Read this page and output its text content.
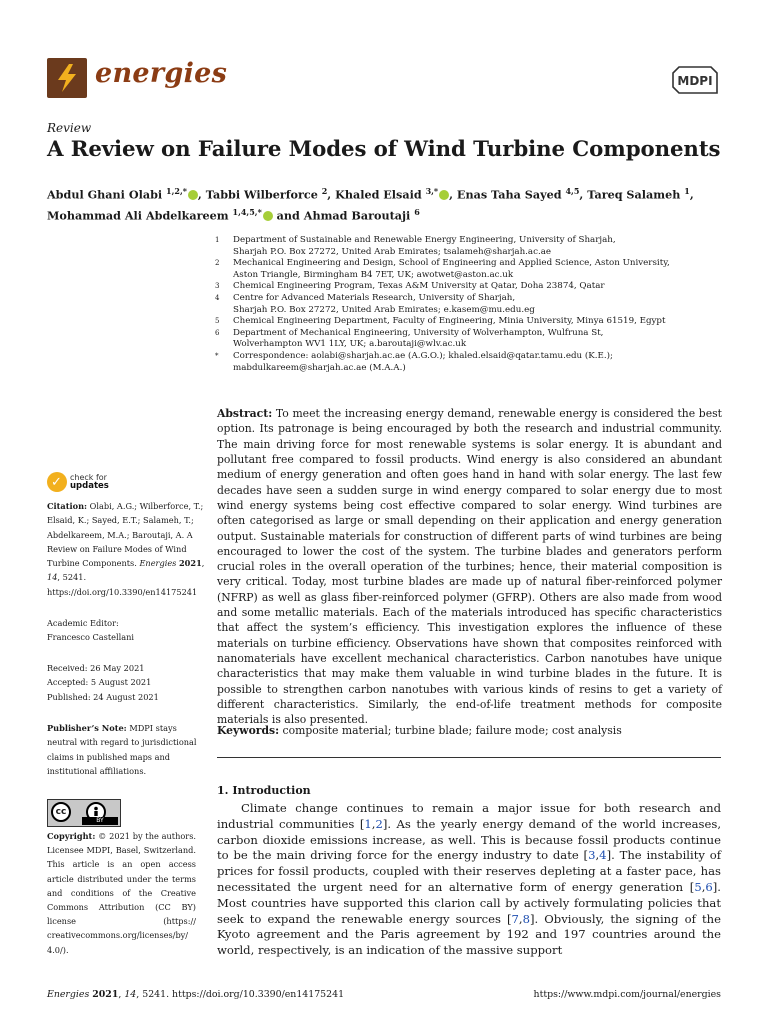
energies	MDPI
Review
A Review on Failure Modes of Wind Turbine Components
Abdul Ghani Olabi $^{1,2,*}$ , Tabbi Wilberforce $^2$, Khaled Elsaid $^{3,*}$ , Enas Taha Sayed $^{4,5}$, Tareq Salameh $^1$,
Mohammad Ali Abdelkareem $^{1,4,5,*}$ and Ahmad Baroutaji $^6$
1	Department of Sustainable and Renewable Energy Engineering, University of Sharjah,
Sharjah P.O. Box 27272, United Arab Emirates; tsalameh@sharjah.ac.ae
2	Mechanical Engineering and Design, School of Engineering and Applied Science, Aston University,
Aston Triangle, Birmingham B4 7ET, UK; awotwet@aston.ac.uk
3	Chemical Engineering Program, Texas A&M University at Qatar, Doha 23874, Qatar
4	Centre for Advanced Materials Research, University of Sharjah,
Sharjah P.O. Box 27272, United Arab Emirates; e.kasem@mu.edu.eg
5	Chemical Engineering Department, Faculty of Engineering, Minia University, Minya 61519, Egypt
6	Department of Mechanical Engineering, University of Wolverhampton, Wulfruna St,
Wolverhampton WV1 1LY, UK; a.baroutaji@wlv.ac.uk
*	Correspondence: aolabi@sharjah.ac.ae (A.G.O.); khaled.elsaid@qatar.tamu.edu (K.E.);
mabdulkareem@sharjah.ac.ae (M.A.A.)
Abstract: To meet the increasing energy demand, renewable energy is considered the best option. Its patronage is being encouraged by both the research and industrial community. The main driving force for most renewable systems is solar energy. It is abundant and pollutant free compared to fossil products. Wind energy is also considered an abundant medium of energy generation and often goes hand in hand with solar energy. The last few decades have seen a sudden surge in wind energy compared to solar energy due to most wind energy systems being cost effective compared to solar energy. Wind turbines are often categorised as large or small depending on their application and energy generation output. Sustainable materials for construction of different parts of wind turbines are being encouraged to lower the cost of the system. The turbine blades and generators perform crucial roles in the overall operation of the turbines; hence, their material composition is very critical. Today, most turbine blades are made up of natural fiber-reinforced polymer (NFRP) as well as glass fiber-reinforced polymer (GFRP). Others are also made from wood and some metallic materials. Each of the materials introduced has specific characteristics that affect the system’s efficiency. This investigation explores the influence of these materials on turbine efficiency. Observations have shown that composites reinforced with nanomaterials have excellent mechanical characteristics. Carbon nanotubes have unique characteristics that may make them valuable in wind turbine blades in the future. It is possible to strengthen carbon nanotubes with various kinds of resins to get a variety of different characteristics. Similarly, the end-of-life treatment methods for composite materials is also presented.
Keywords: composite material; turbine blade; failure mode; cost analysis
1. Introduction
Climate change continues to remain a major issue for both research and industrial communities [1,2]. As the yearly energy demand of the world increases, carbon dioxide emissions increase, as well. This is because fossil products continue to be the main driving force for the energy industry to date [3,4]. The instability of prices for fossil products, coupled with their reserves depleting at a faster pace, has necessitated the urgent need for an alternative form of energy generation [5,6]. Most countries have supported this clarion call by actively formulating policies that seek to expand the renewable energy sources [7,8]. Obviously, the signing of the Kyoto agreement and the Paris agreement by 192 and 197 countries around the world, respectively, is an indication of the massive support
✓ check for
updates
Citation: Olabi, A.G.; Wilberforce, T.; Elsaid, K.; Sayed, E.T.; Salameh, T.; Abdelkareem, M.A.; Baroutaji, A. A Review on Failure Modes of Wind Turbine Components. Energies 2021, 14, 5241. https://doi.org/10.3390/en14175241
Academic Editor:
Francesco Castellani
Received: 26 May 2021
Accepted: 5 August 2021
Published: 24 August 2021
Publisher’s Note: MDPI stays neutral with regard to jurisdictional claims in published maps and institutional affiliations.
cc
BY
Copyright: © 2021 by the authors. Licensee MDPI, Basel, Switzerland. This article is an open access article distributed under the terms and conditions of the Creative Commons Attribution (CC BY) license (https:// creativecommons.org/licenses/by/ 4.0/).
Energies 2021, 14, 5241. https://doi.org/10.3390/en14175241	https://www.mdpi.com/journal/energies
